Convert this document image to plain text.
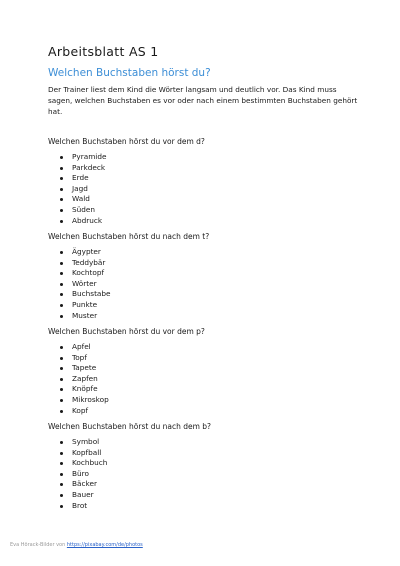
Arbeitsblatt AS 1
Welchen Buchstaben hörst du?

Der Trainer liest dem Kind die Wörter langsam und deutlich vor. Das Kind muss sagen, welchen Buchstaben es vor oder nach einem bestimmten Buchstaben gehört hat.

Welchen Buchstaben hörst du vor dem d?

Pyramide
Parkdeck
Erde
Jagd
Wald
Süden
Abdruck

Welchen Buchstaben hörst du nach dem t?

Ägypter
Teddybär
Kochtopf
Wörter
Buchstabe
Punkte
Muster

Welchen Buchstaben hörst du vor dem p?

Apfel
Topf
Tapete
Zapfen
Knöpfe
Mikroskop
Kopf

Welchen Buchstaben hörst du nach dem b?

Symbol
Kopfball
Kochbuch
Büro
Bäcker
Bauer
Brot
Eva Hörack-Bilder von https://pixabay.com/de/photos
